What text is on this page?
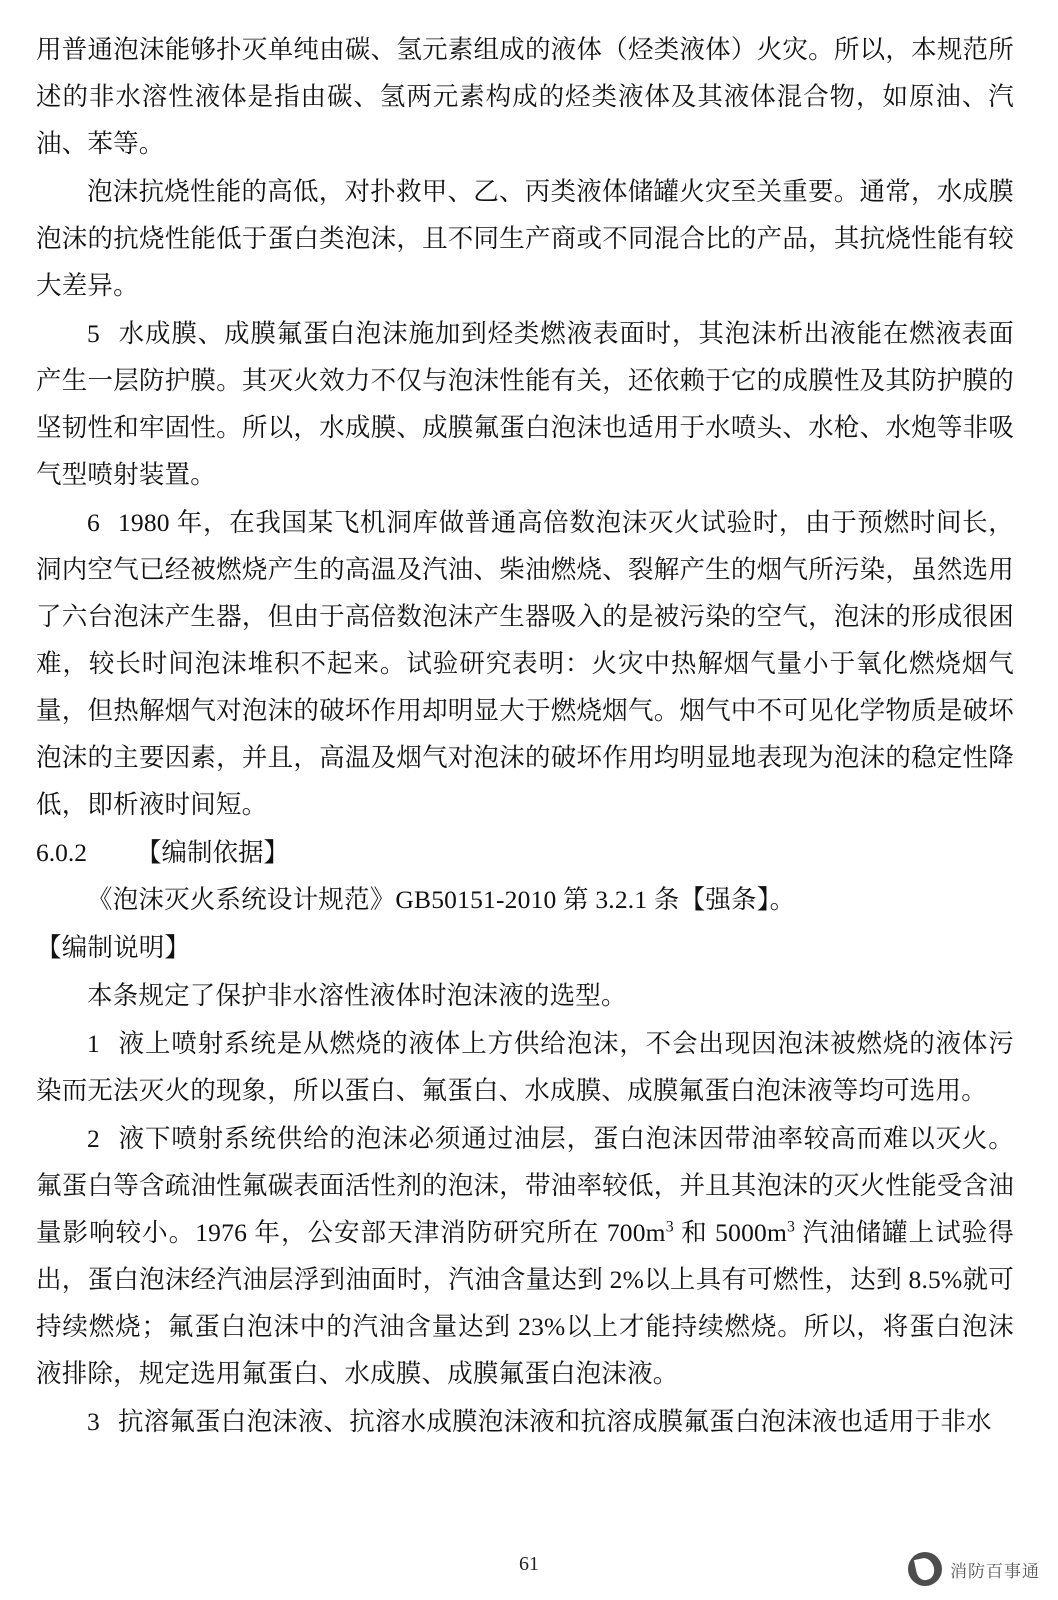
用普通泡沫能够扑灭单纯由碳、氢元素组成的液体（烃类液体）火灾。所以，本规范所述的非水溶性液体是指由碳、氢两元素构成的烃类液体及其液体混合物，如原油、汽油、苯等。

泡沫抗烧性能的高低，对扑救甲、乙、丙类液体储罐火灾至关重要。通常，水成膜泡沫的抗烧性能低于蛋白类泡沫，且不同生产商或不同混合比的产品，其抗烧性能有较大差异。

5 水成膜、成膜氟蛋白泡沫施加到烃类燃液表面时，其泡沫析出液能在燃液表面产生一层防护膜。其灭火效力不仅与泡沫性能有关，还依赖于它的成膜性及其防护膜的坚韧性和牢固性。所以，水成膜、成膜氟蛋白泡沫也适用于水喷头、水枪、水炮等非吸气型喷射装置。

6 1980 年，在我国某飞机洞库做普通高倍数泡沫灭火试验时，由于预燃时间长，洞内空气已经被燃烧产生的高温及汽油、柴油燃烧、裂解产生的烟气所污染，虽然选用了六台泡沫产生器，但由于高倍数泡沫产生器吸入的是被污染的空气，泡沫的形成很困难，较长时间泡沫堆积不起来。试验研究表明：火灾中热解烟气量小于氧化燃烧烟气量，但热解烟气对泡沫的破坏作用却明显大于燃烧烟气。烟气中不可见化学物质是破坏泡沫的主要因素，并且，高温及烟气对泡沫的破坏作用均明显地表现为泡沫的稳定性降低，即析液时间短。

6.0.2 【编制依据】

《泡沫灭火系统设计规范》GB50151-2010 第 3.2.1 条【强条】。

【编制说明】

本条规定了保护非水溶性液体时泡沫液的选型。

1 液上喷射系统是从燃烧的液体上方供给泡沫，不会出现因泡沫被燃烧的液体污染而无法灭火的现象，所以蛋白、氟蛋白、水成膜、成膜氟蛋白泡沫液等均可选用。

2 液下喷射系统供给的泡沫必须通过油层，蛋白泡沫因带油率较高而难以灭火。氟蛋白等含疏油性氟碳表面活性剂的泡沫，带油率较低，并且其泡沫的灭火性能受含油量影响较小。1976 年，公安部天津消防研究所在 $700m^3$ 和 $5000m^3$ 汽油储罐上试验得出，蛋白泡沫经汽油层浮到油面时，汽油含量达到 2%以上具有可燃性，达到 8.5%就可持续燃烧；氟蛋白泡沫中的汽油含量达到 23%以上才能持续燃烧。所以，将蛋白泡沫液排除，规定选用氟蛋白、水成膜、成膜氟蛋白泡沫液。

3 抗溶氟蛋白泡沫液、抗溶水成膜泡沫液和抗溶成膜氟蛋白泡沫液也适用于非水

61	消防百事通
